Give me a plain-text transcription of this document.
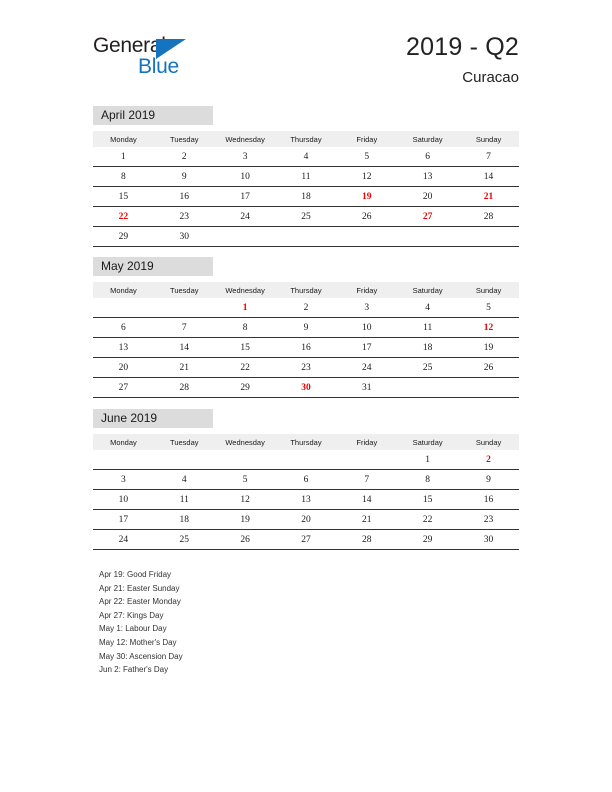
General
Blue
2019 - Q2
Curacao
April 2019
Monday	Tuesday	Wednesday	Thursday	Friday	Saturday	Sunday
1	2	3	4	5	6	7
8	9	10	11	12	13	14
15	16	17	18	19	20	21
22	23	24	25	26	27	28
29	30					
May 2019
Monday	Tuesday	Wednesday	Thursday	Friday	Saturday	Sunday
		1	2	3	4	5
6	7	8	9	10	11	12
13	14	15	16	17	18	19
20	21	22	23	24	25	26
27	28	29	30	31		
June 2019
Monday	Tuesday	Wednesday	Thursday	Friday	Saturday	Sunday
					1	2
3	4	5	6	7	8	9
10	11	12	13	14	15	16
17	18	19	20	21	22	23
24	25	26	27	28	29	30
Apr 19: Good Friday
Apr 21: Easter Sunday
Apr 22: Easter Monday
Apr 27: Kings Day
May 1: Labour Day
May 12: Mother's Day
May 30: Ascension Day
Jun 2: Father's Day
